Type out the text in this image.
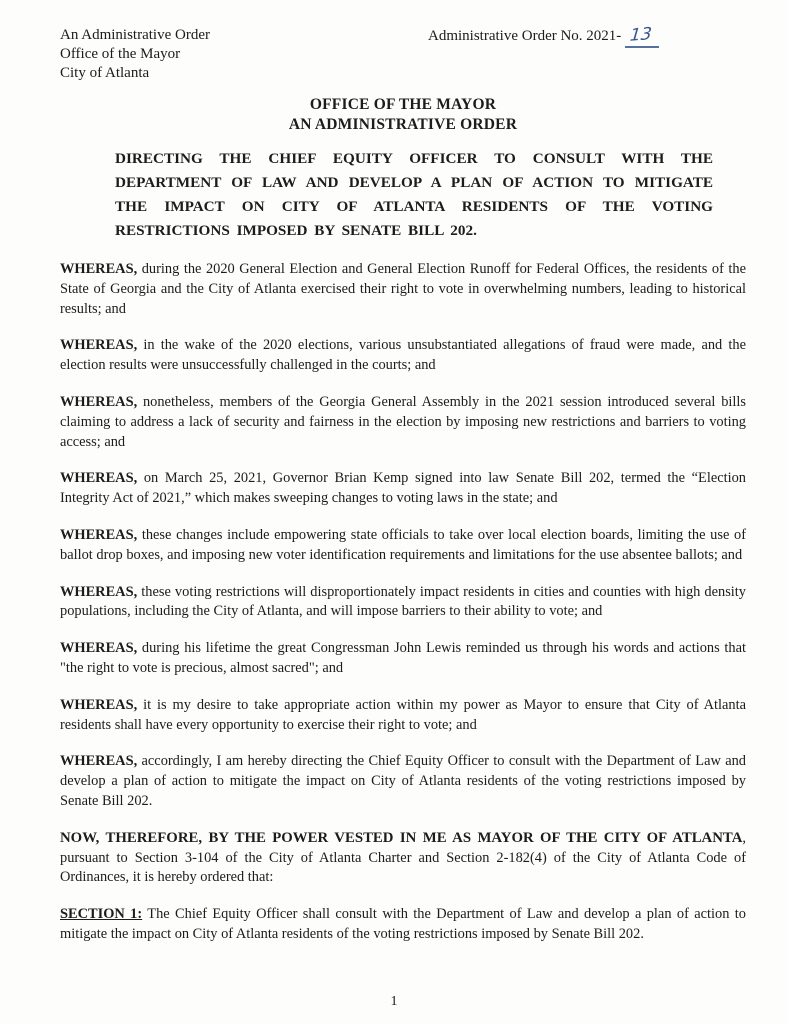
An Administrative Order
Office of the Mayor
City of Atlanta
Administrative Order No. 2021- 13
OFFICE OF THE MAYOR
AN ADMINISTRATIVE ORDER

DIRECTING THE CHIEF EQUITY OFFICER TO CONSULT WITH THE DEPARTMENT OF LAW AND DEVELOP A PLAN OF ACTION TO MITIGATE THE IMPACT ON CITY OF ATLANTA RESIDENTS OF THE VOTING RESTRICTIONS IMPOSED BY SENATE BILL 202.

WHEREAS, during the 2020 General Election and General Election Runoff for Federal Offices, the residents of the State of Georgia and the City of Atlanta exercised their right to vote in overwhelming numbers, leading to historical results; and

WHEREAS, in the wake of the 2020 elections, various unsubstantiated allegations of fraud were made, and the election results were unsuccessfully challenged in the courts; and

WHEREAS, nonetheless, members of the Georgia General Assembly in the 2021 session introduced several bills claiming to address a lack of security and fairness in the election by imposing new restrictions and barriers to voting access; and

WHEREAS, on March 25, 2021, Governor Brian Kemp signed into law Senate Bill 202, termed the “Election Integrity Act of 2021,” which makes sweeping changes to voting laws in the state; and

WHEREAS, these changes include empowering state officials to take over local election boards, limiting the use of ballot drop boxes, and imposing new voter identification requirements and limitations for the use absentee ballots; and

WHEREAS, these voting restrictions will disproportionately impact residents in cities and counties with high density populations, including the City of Atlanta, and will impose barriers to their ability to vote; and

WHEREAS, during his lifetime the great Congressman John Lewis reminded us through his words and actions that "the right to vote is precious, almost sacred"; and

WHEREAS, it is my desire to take appropriate action within my power as Mayor to ensure that City of Atlanta residents shall have every opportunity to exercise their right to vote; and

WHEREAS, accordingly, I am hereby directing the Chief Equity Officer to consult with the Department of Law and develop a plan of action to mitigate the impact on City of Atlanta residents of the voting restrictions imposed by Senate Bill 202.

NOW, THEREFORE, BY THE POWER VESTED IN ME AS MAYOR OF THE CITY OF ATLANTA, pursuant to Section 3-104 of the City of Atlanta Charter and Section 2-182(4) of the City of Atlanta Code of Ordinances, it is hereby ordered that:

SECTION 1: The Chief Equity Officer shall consult with the Department of Law and develop a plan of action to mitigate the impact on City of Atlanta residents of the voting restrictions imposed by Senate Bill 202.

1
